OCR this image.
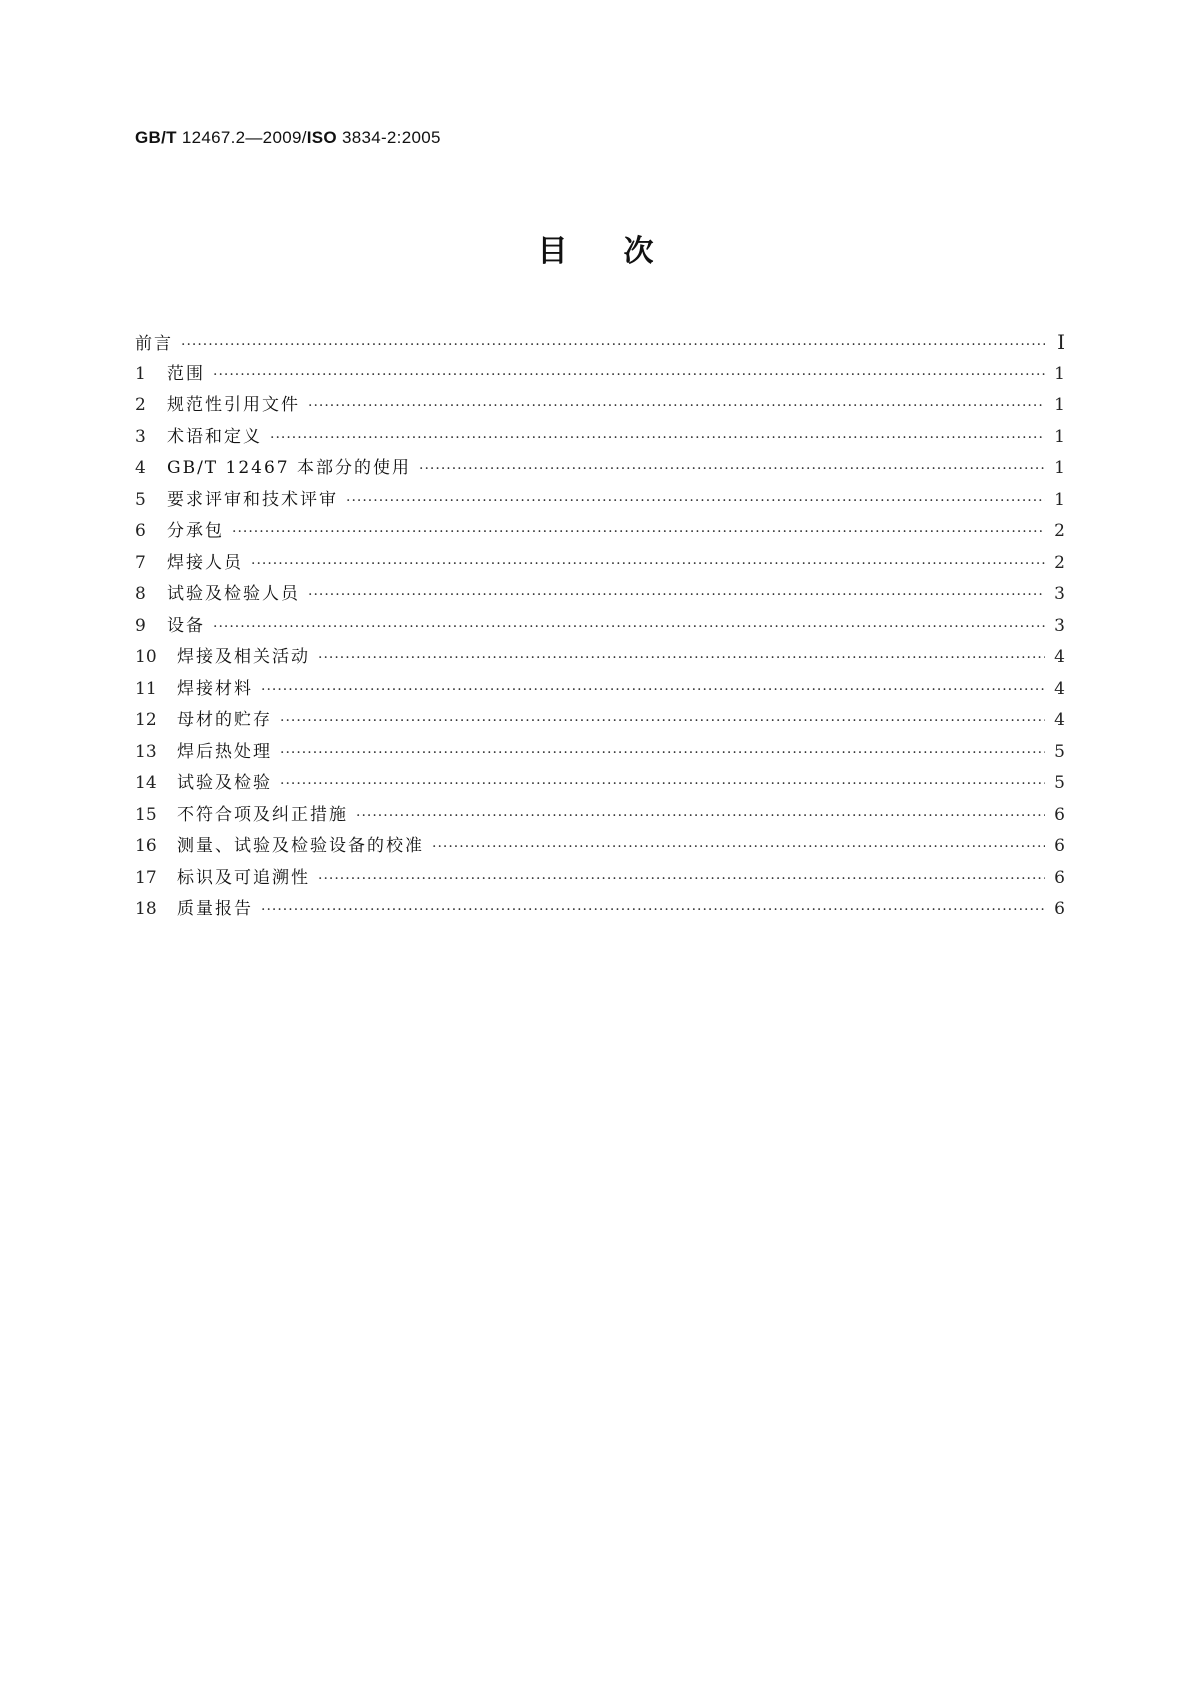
GB/T 12467.2—2009/ISO 3834-2:2005
目次
前言 ·····	Ⅰ
1	范围 ·····	1
2	规范性引用文件 ·····	1
3	术语和定义 ·····	1
4	GB/T 12467 本部分的使用 ·····	1
5	要求评审和技术评审 ·····	1
6	分承包 ·····	2
7	焊接人员 ·····	2
8	试验及检验人员 ·····	3
9	设备 ·····	3
10	焊接及相关活动 ·····	4
11	焊接材料 ·····	4
12	母材的贮存 ·····	4
13	焊后热处理 ·····	5
14	试验及检验 ·····	5
15	不符合项及纠正措施 ·····	6
16	测量、试验及检验设备的校准 ·····	6
17	标识及可追溯性 ·····	6
18	质量报告 ·····	6
